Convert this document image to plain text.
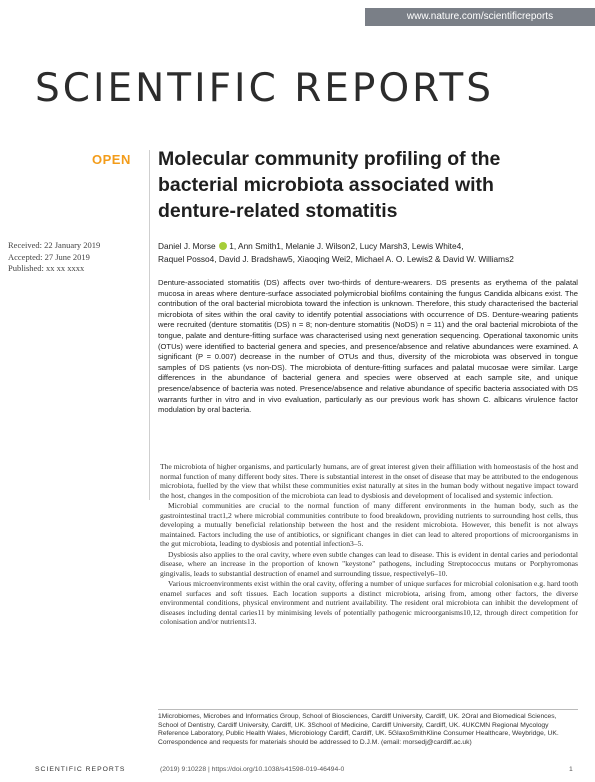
www.nature.com/scientificreports
SCIENTIFIC REPORTS
OPEN Molecular community profiling of the bacterial microbiota associated with denture-related stomatitis
Received: 22 January 2019
Accepted: 27 June 2019
Published: xx xx xxxx
Daniel J. Morse 1, Ann Smith1, Melanie J. Wilson2, Lucy Marsh3, Lewis White4,
Raquel Posso4, David J. Bradshaw5, Xiaoqing Wei2, Michael A. O. Lewis2 & David W. Williams2
Denture-associated stomatitis (DS) affects over two-thirds of denture-wearers. DS presents as erythema of the palatal mucosa in areas where denture-surface associated polymicrobial biofilms containing the fungus Candida albicans exist. The contribution of the oral bacterial microbiota toward the infection is unknown. Therefore, this study characterised the bacterial microbiota of sites within the oral cavity to identify potential associations with occurrence of DS. Denture-wearing patients were recruited (denture stomatitis (DS) n = 8; non-denture stomatitis (NoDS) n = 11) and the oral bacterial microbiota of the tongue, palate and denture-fitting surface was characterised using next generation sequencing. Operational taxonomic units (OTUs) were identified to bacterial genera and species, and presence/absence and relative abundances were examined. A significant (P = 0.007) decrease in the number of OTUs and thus, diversity of the microbiota was observed in tongue samples of DS patients (vs non-DS). The microbiota of denture-fitting surfaces and palatal mucosae were similar. Large differences in the abundance of bacterial genera and species were observed at each sample site, and unique presence/absence of bacteria was noted. Presence/absence and relative abundance of specific bacteria associated with DS warrants further in vitro and in vivo evaluation, particularly as our previous work has shown C. albicans virulence factor modulation by oral bacteria.

The microbiota of higher organisms, and particularly humans, are of great interest given their affiliation with homeostasis of the host and normal function of many different body sites. There is substantial interest in the onset of disease that may be attributed to the endogenous microbiota, fuelled by the view that whilst these communities exist naturally at sites in the human body without negative impact toward the host, changes in the composition of the microbiota can lead to dysbiosis and development of localised and systemic infection.

Microbial communities are crucial to the normal function of many different environments in the human body, such as the gastrointestinal tract1,2 where microbial communities contribute to food breakdown, providing nutrients to surrounding host cells, thus developing a mutually beneficial relationship between the host and the resident microbiota. However, this benefit is not always maintained. Factors including the use of antibiotics, or significant changes in diet can lead to altered proportions of microorganisms in the gut microbiota, leading to dysbiosis and potential infection3–5.

Dysbiosis also applies to the oral cavity, where even subtle changes can lead to disease. This is evident in dental caries and periodontal disease, where an increase in the proportion of known "keystone" pathogens, including Streptococcus mutans or Porphyromonas gingivalis, leads to substantial destruction of enamel and surrounding tissue, respectively6–10.

Various microenvironments exist within the oral cavity, offering a number of unique surfaces for microbial colonisation e.g. hard tooth enamel surfaces and soft tissues. Each location supports a distinct microbiota, arising from, among other factors, the diverse environmental conditions, physical environment and nutrient availability. The resident oral microbiota can inhibit the development of diseases including dental caries11 by minimising levels of potentially pathogenic microorganisms10,12, through direct competition for colonisation and/or nutrients13.

1Microbiomes, Microbes and Informatics Group, School of Biosciences, Cardiff University, Cardiff, UK. 2Oral and Biomedical Sciences, School of Dentistry, Cardiff University, Cardiff, UK. 3School of Medicine, Cardiff University, Cardiff, UK. 4UKCMN Regional Mycology Reference Laboratory, Public Health Wales, Microbiology Cardiff, Cardiff, UK. 5GlaxoSmithKline Consumer Healthcare, Weybridge, UK. Correspondence and requests for materials should be addressed to D.J.M. (email: morsedj@cardiff.ac.uk)
SCIENTIFIC REPORTS	(2019) 9:10228 | https://doi.org/10.1038/s41598-019-46494-0	1
